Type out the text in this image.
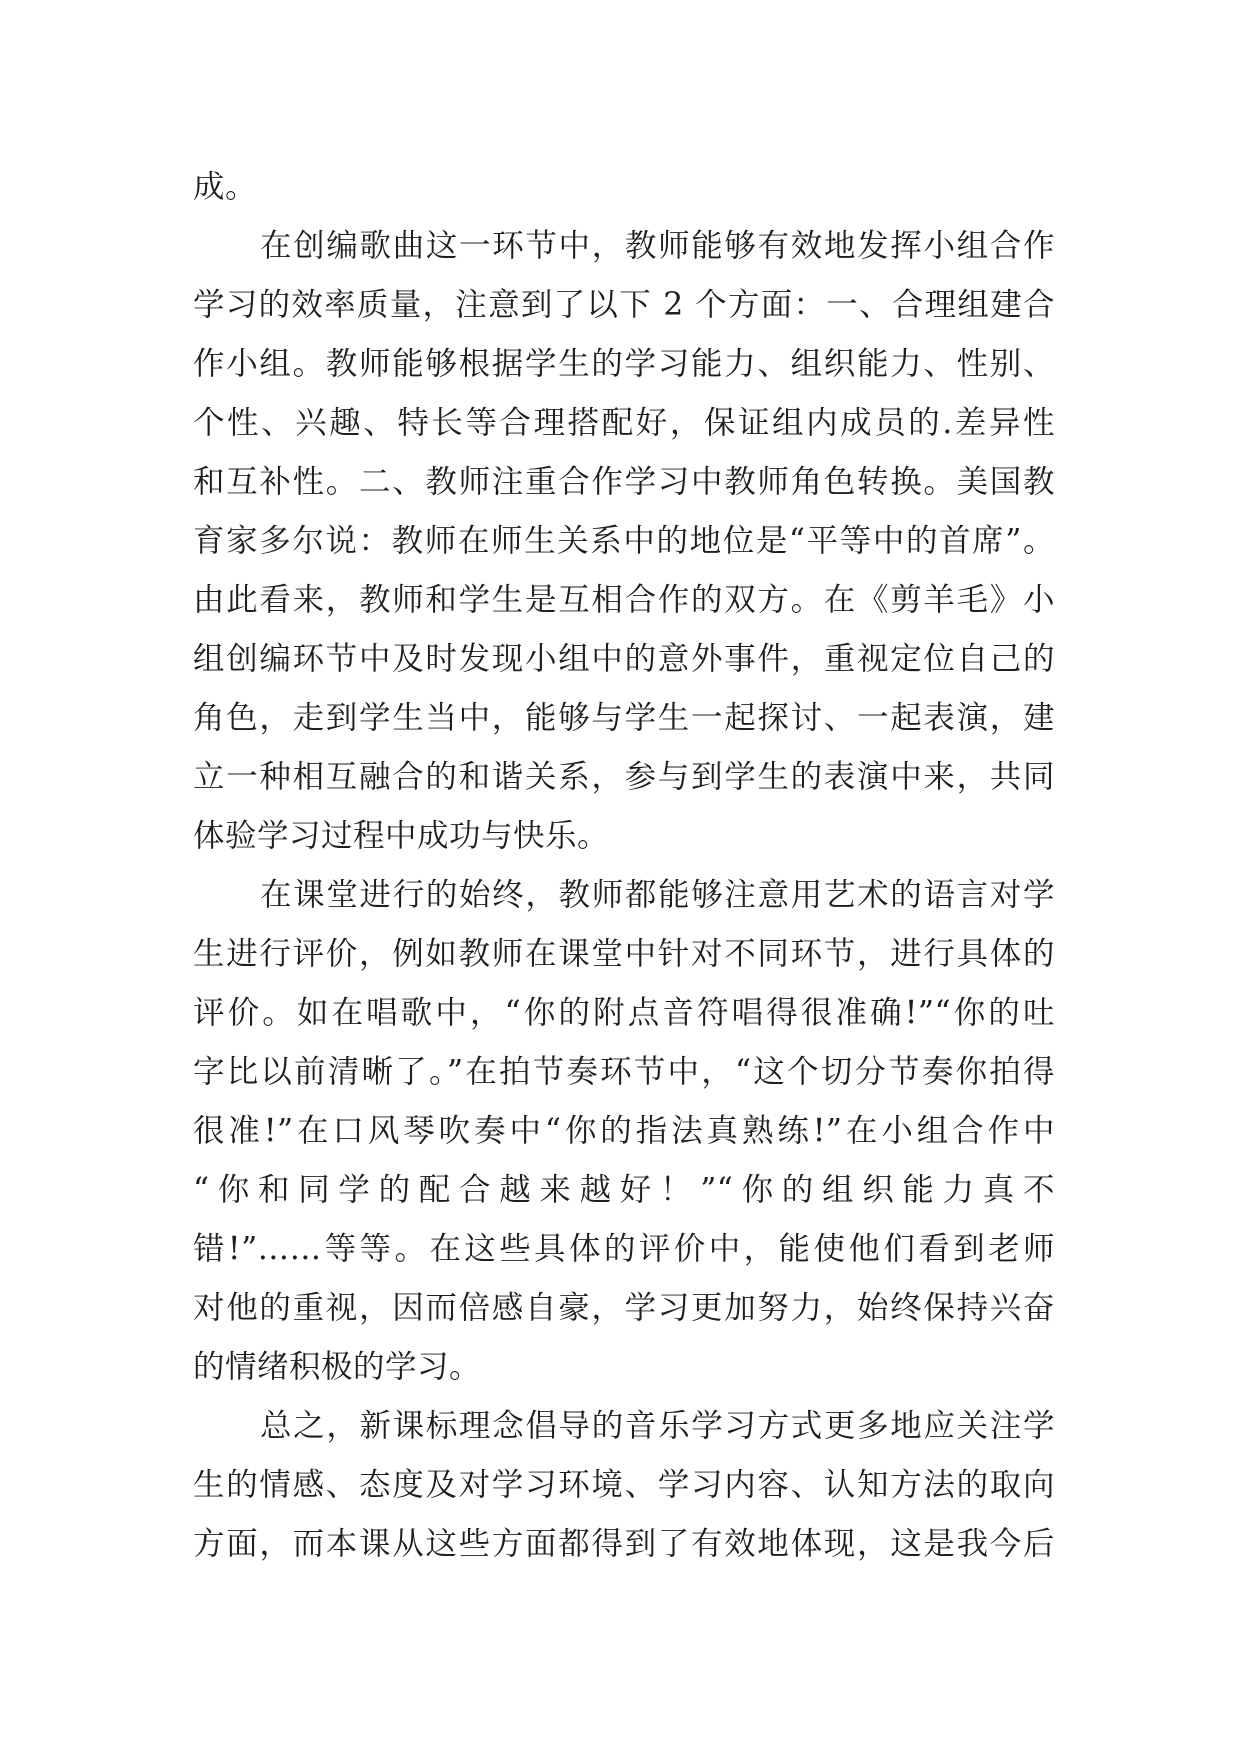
成。
在创编歌曲这一环节中，教师能够有效地发挥小组合作
学习的效率质量，注意到了以下 2 个方面：一、合理组建合
作小组。教师能够根据学生的学习能力、组织能力、性别、
个性、兴趣、特长等合理搭配好，保证组内成员的.差异性
和互补性。二、教师注重合作学习中教师角色转换。美国教
育家多尔说：教师在师生关系中的地位是“平等中的首席”。
由此看来，教师和学生是互相合作的双方。在《剪羊毛》小
组创编环节中及时发现小组中的意外事件，重视定位自己的
角色，走到学生当中，能够与学生一起探讨、一起表演，建
立一种相互融合的和谐关系，参与到学生的表演中来，共同
体验学习过程中成功与快乐。
在课堂进行的始终，教师都能够注意用艺术的语言对学
生进行评价，例如教师在课堂中针对不同环节，进行具体的
评价。如在唱歌中，“你的附点音符唱得很准确!”“你的吐
字比以前清晰了。”在拍节奏环节中，“这个切分节奏你拍得
很准!”在口风琴吹奏中“你的指法真熟练!”在小组合作中
“你和同学的配合越来越好！”“你的组织能力真不
错!”……等等。在这些具体的评价中，能使他们看到老师
对他的重视，因而倍感自豪，学习更加努力，始终保持兴奋
的情绪积极的学习。
总之，新课标理念倡导的音乐学习方式更多地应关注学
生的情感、态度及对学习环境、学习内容、认知方法的取向
方面，而本课从这些方面都得到了有效地体现，这是我今后
